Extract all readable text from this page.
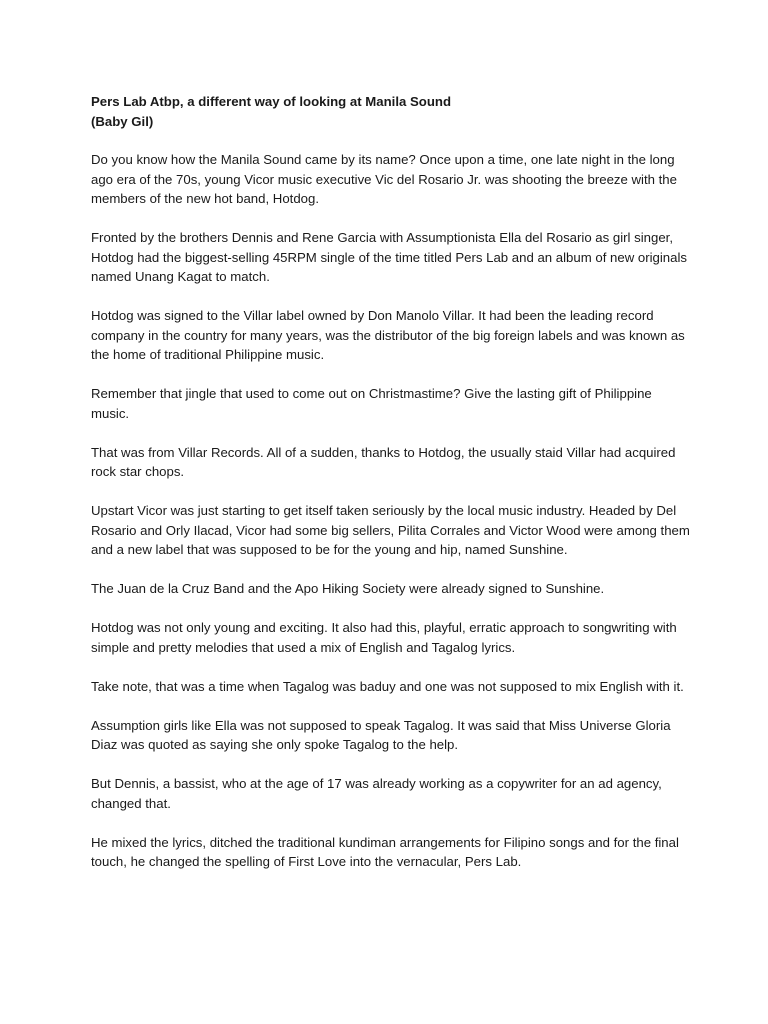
Pers Lab Atbp, a different way of looking at Manila Sound
(Baby Gil)

Do you know how the Manila Sound came by its name? Once upon a time, one late night in the long ago era of the 70s, young Vicor music executive Vic del Rosario Jr. was shooting the breeze with the members of the new hot band, Hotdog.

Fronted by the brothers Dennis and Rene Garcia with Assumptionista Ella del Rosario as girl singer, Hotdog had the biggest-selling 45RPM single of the time titled Pers Lab and an album of new originals named Unang Kagat to match.

Hotdog was signed to the Villar label owned by Don Manolo Villar. It had been the leading record company in the country for many years, was the distributor of the big foreign labels and was known as the home of traditional Philippine music.

Remember that jingle that used to come out on Christmastime? Give the lasting gift of Philippine music.

That was from Villar Records. All of a sudden, thanks to Hotdog, the usually staid Villar had acquired rock star chops.

Upstart Vicor was just starting to get itself taken seriously by the local music industry. Headed by Del Rosario and Orly Ilacad, Vicor had some big sellers, Pilita Corrales and Victor Wood were among them and a new label that was supposed to be for the young and hip, named Sunshine.

The Juan de la Cruz Band and the Apo Hiking Society were already signed to Sunshine.

Hotdog was not only young and exciting. It also had this, playful, erratic approach to songwriting with simple and pretty melodies that used a mix of English and Tagalog lyrics.

Take note, that was a time when Tagalog was baduy and one was not supposed to mix English with it.

Assumption girls like Ella was not supposed to speak Tagalog. It was said that Miss Universe Gloria Diaz was quoted as saying she only spoke Tagalog to the help.

But Dennis, a bassist, who at the age of 17 was already working as a copywriter for an ad agency, changed that.

He mixed the lyrics, ditched the traditional kundiman arrangements for Filipino songs and for the final touch, he changed the spelling of First Love into the vernacular, Pers Lab.
